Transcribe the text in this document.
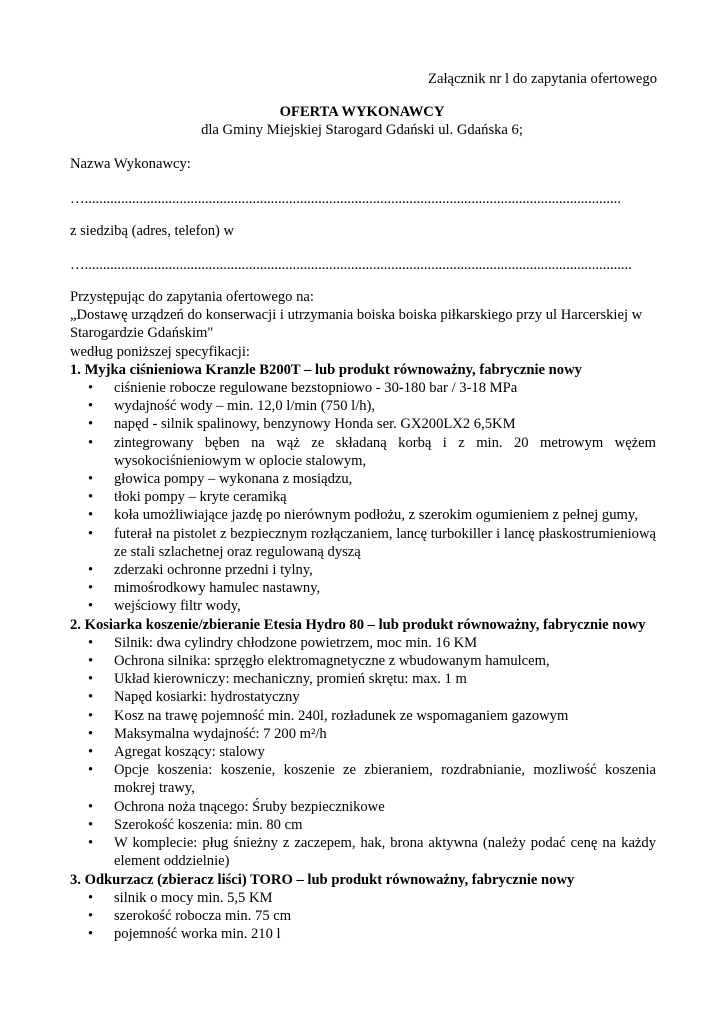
Załącznik nr l do zapytania ofertowego
OFERTA WYKONAWCY
dla Gminy Miejskiej Starogard Gdański ul. Gdańska 6;
Nazwa Wykonawcy:
…...................................................................................................................................................
z siedzibą (adres, telefon) w
…......................................................................................................................................................

Przystępując do zapytania ofertowego na:

„Dostawę urządzeń do konserwacji i utrzymania boiska boiska piłkarskiego przy ul Harcerskiej w Starogardzie Gdańskim"

według poniższej specyfikacji:

1. Myjka ciśnieniowa Kranzle B200T – lub produkt równoważny, fabrycznie nowy

• ciśnienie robocze regulowane bezstopniowo - 30-180 bar / 3-18 MPa
• wydajność wody – min. 12,0 l/min (750 l/h),
• napęd - silnik spalinowy, benzynowy Honda ser. GX200LX2 6,5KM
• zintegrowany bęben na wąż ze składaną korbą i z min. 20 metrowym wężem wysokociśnieniowym w oplocie stalowym,
• głowica pompy – wykonana z mosiądzu,
• tłoki pompy – kryte ceramiką
• koła umożliwiające jazdę po nierównym podłożu, z szerokim ogumieniem z pełnej gumy,
• futerał na pistolet z bezpiecznym rozłączaniem, lancę turbokiller i lancę płaskostrumieniową ze stali szlachetnej oraz regulowaną dyszą
• zderzaki ochronne przedni i tylny,
• mimośrodkowy hamulec nastawny,
• wejściowy filtr wody,

2. Kosiarka koszenie/zbieranie Etesia Hydro 80 – lub produkt równoważny, fabrycznie nowy

• Silnik: dwa cylindry chłodzone powietrzem, moc min. 16 KM
• Ochrona silnika: sprzęgło elektromagnetyczne z wbudowanym hamulcem,
• Układ kierowniczy: mechaniczny, promień skrętu: max. 1 m
• Napęd kosiarki: hydrostatyczny
• Kosz na trawę pojemność min. 240l, rozładunek ze wspomaganiem gazowym
• Maksymalna wydajność: 7 200 m²/h
• Agregat koszący: stalowy
• Opcje koszenia: koszenie, koszenie ze zbieraniem, rozdrabnianie, mozliwość koszenia mokrej trawy,
• Ochrona noża tnącego: Śruby bezpiecznikowe
• Szerokość koszenia: min. 80 cm
• W komplecie: pług śnieżny z zaczepem, hak, brona aktywna (należy podać cenę na każdy element oddzielnie)

3. Odkurzacz (zbieracz liści) TORO – lub produkt równoważny, fabrycznie nowy

• silnik o mocy min. 5,5 KM
• szerokość robocza min. 75 cm
• pojemność worka min. 210 l
